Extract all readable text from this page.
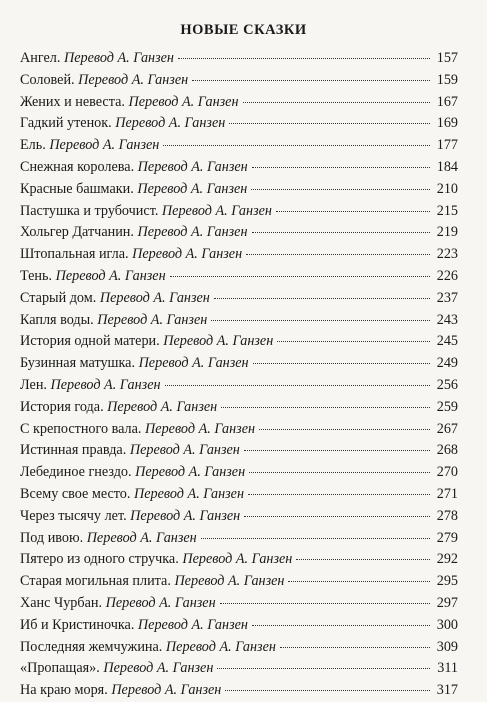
НОВЫЕ СКАЗКИ
Ангел. Перевод А. Ганзен	157
Соловей. Перевод А. Ганзен	159
Жених и невеста. Перевод А. Ганзен	167
Гадкий утенок. Перевод А. Ганзен	169
Ель. Перевод А. Ганзен	177
Снежная королева. Перевод А. Ганзен	184
Красные башмаки. Перевод А. Ганзен	210
Пастушка и трубочист. Перевод А. Ганзен	215
Хольгер Датчанин. Перевод А. Ганзен	219
Штопальная игла. Перевод А. Ганзен	223
Тень. Перевод А. Ганзен	226
Старый дом. Перевод А. Ганзен	237
Капля воды. Перевод А. Ганзен	243
История одной матери. Перевод А. Ганзен	245
Бузинная матушка. Перевод А. Ганзен	249
Лен. Перевод А. Ганзен	256
История года. Перевод А. Ганзен	259
С крепостного вала. Перевод А. Ганзен	267
Истинная правда. Перевод А. Ганзен	268
Лебединое гнездо. Перевод А. Ганзен	270
Всему свое место. Перевод А. Ганзен	271
Через тысячу лет. Перевод А. Ганзен	278
Под ивою. Перевод А. Ганзен	279
Пятеро из одного стручка. Перевод А. Ганзен	292
Старая могильная плита. Перевод А. Ганзен	295
Ханс Чурбан. Перевод А. Ганзен	297
Иб и Кристиночка. Перевод А. Ганзен	300
Последняя жемчужина. Перевод А. Ганзен	309
«Пропащая». Перевод А. Ганзен	311
На краю моря. Перевод А. Ганзен	317
